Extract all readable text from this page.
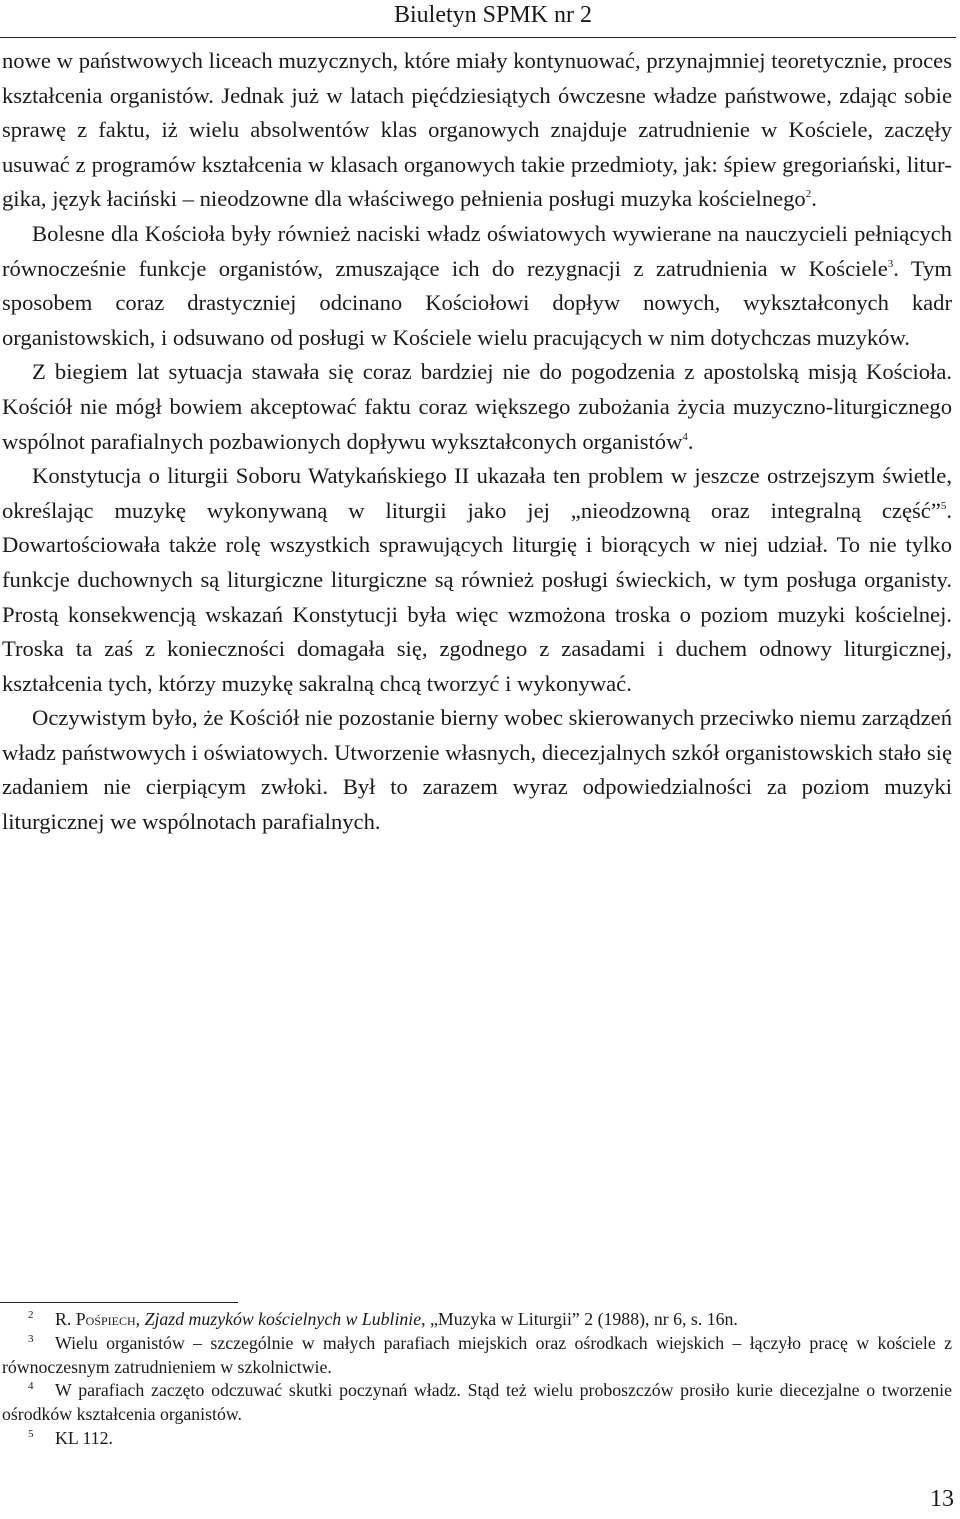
Biuletyn SPMK nr 2

nowe w państwowych liceach muzycznych, które miały kontynuować, przynajmniej teoretycznie, proces kształcenia organistów. Jednak już w latach pięćdziesiątych ówczesne władze państwowe, zdając sobie sprawę z faktu, iż wielu absolwentów klas organowych znajduje zatrudnienie w Kościele, zaczęły usuwać z programów kształcenia w klasach organowych takie przedmioty, jak: śpiew gregoriański, liturgika, język łaciński – nieodzowne dla właściwego pełnienia posługi muzyka kościelnego$^2$.

Bolesne dla Kościoła były również naciski władz oświatowych wywierane na nauczycieli pełniących równocześnie funkcje organistów, zmuszające ich do rezygnacji z zatrudnienia w Kościele$^3$. Tym sposobem coraz drastyczniej odcinano Kościołowi dopływ nowych, wykształconych kadr organistowskich, i odsuwano od posługi w Kościele wielu pracujących w nim dotychczas muzyków.

Z biegiem lat sytuacja stawała się coraz bardziej nie do pogodzenia z apostolską misją Kościoła. Kościół nie mógł bowiem akceptować faktu coraz większego zubożania życia muzyczno-liturgicznego wspólnot parafialnych pozbawionych dopływu wykształconych organistów$^4$.

Konstytucja o liturgii Soboru Watykańskiego II ukazała ten problem w jeszcze ostrzejszym świetle, określając muzykę wykonywaną w liturgii jako jej „nieodzowną oraz integralną część”$^5$. Dowartościowała także rolę wszystkich sprawujących liturgię i biorących w niej udział. To nie tylko funkcje duchownych są liturgiczne liturgiczne są również posługi świeckich, w tym posługa organisty. Prostą konsekwencją wskazań Konstytucji była więc wzmożona troska o poziom muzyki kościelnej. Troska ta zaś z konieczności domagała się, zgodnego z zasadami i duchem odnowy liturgicznej, kształcenia tych, którzy muzykę sakralną chcą tworzyć i wykonywać.

Oczywistym było, że Kościół nie pozostanie bierny wobec skierowanych przeciwko niemu zarządzeń władz państwowych i oświatowych. Utworzenie własnych, diecezjalnych szkół organistowskich stało się zadaniem nie cierpiącym zwłoki. Był to zarazem wyraz odpowiedzialności za poziom muzyki liturgicznej we wspólnotach parafialnych.

2 R. Pośpiech, Zjazd muzyków kościelnych w Lublinie, „Muzyka w Liturgii” 2 (1988), nr 6, s. 16n.

3 Wielu organistów – szczególnie w małych parafiach miejskich oraz ośrodkach wiejskich – łączyło pracę w kościele z równoczesnym zatrudnieniem w szkolnictwie.

4 W parafiach zaczęto odczuwać skutki poczynań władz. Stąd też wielu proboszczów prosiło kurie diecezjalne o tworzenie ośrodków kształcenia organistów.

5 KL 112.

13
